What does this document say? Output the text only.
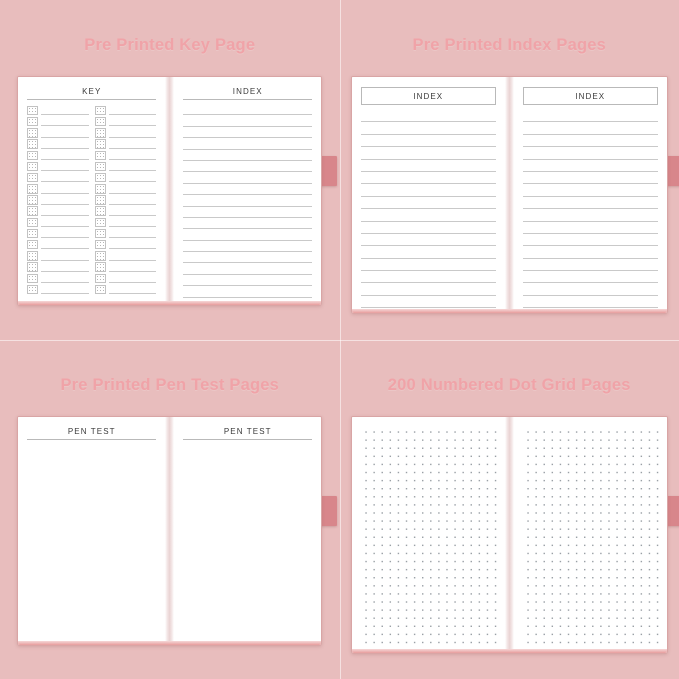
Pre Printed Key Page
KEY	INDEX
Pre Printed Index Pages
INDEX	INDEX
Pre Printed Pen Test Pages
PEN TEST	PEN TEST
200 Numbered Dot Grid Pages
